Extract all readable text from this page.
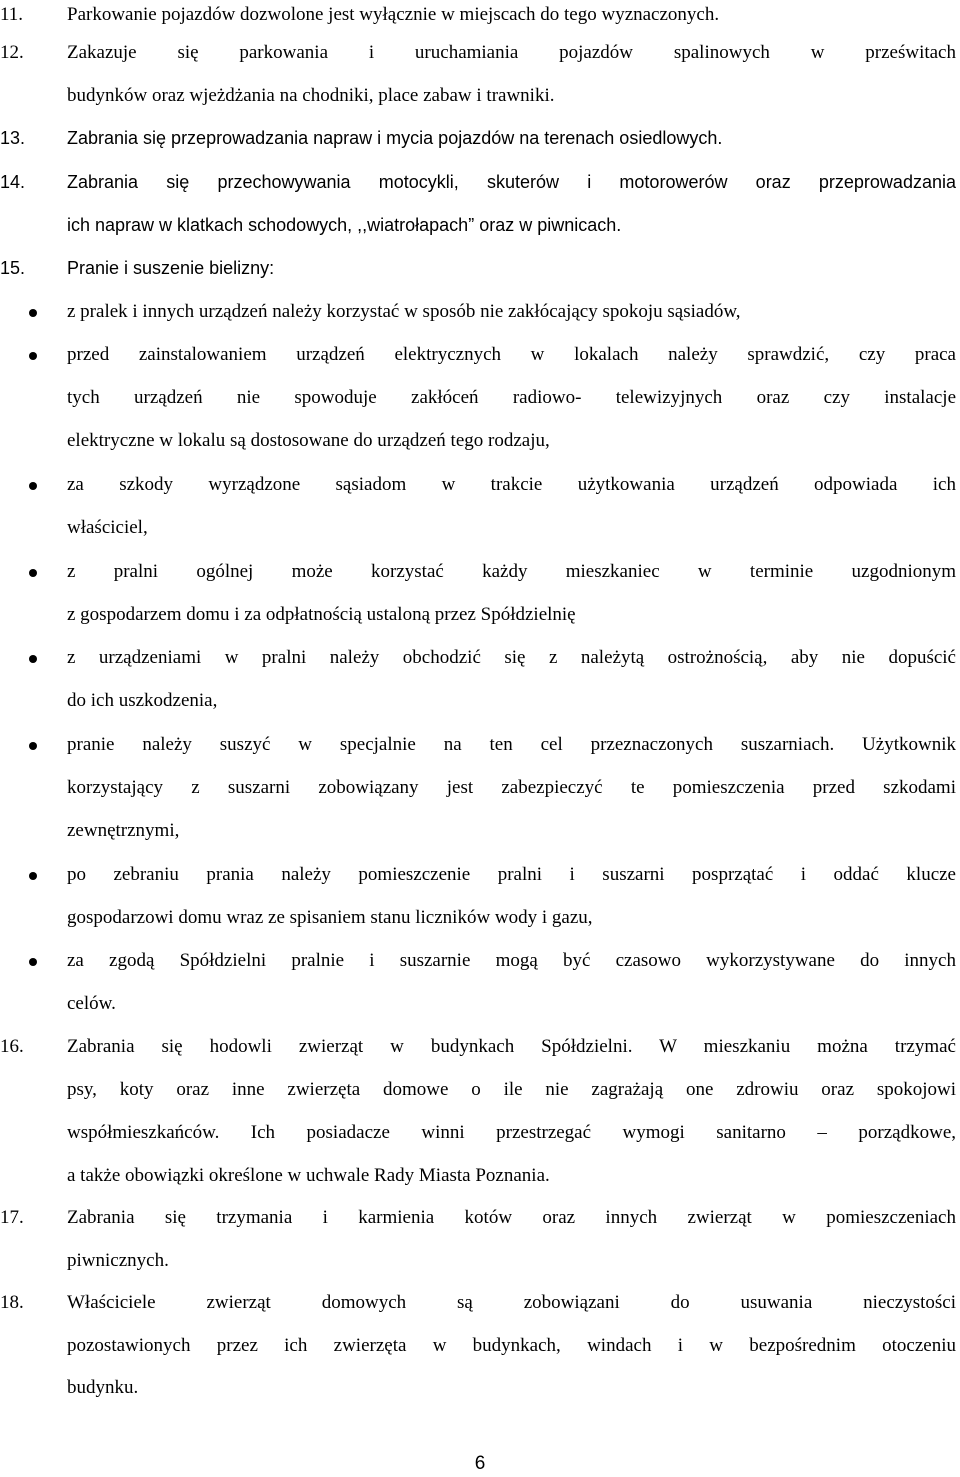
11. Parkowanie pojazdów dozwolone jest wyłącznie w miejscach do tego wyznaczonych.
12. Zakazuje się parkowania i uruchamiania pojazdów spalinowych w prześwitach
budynków oraz wjeżdżania na chodniki, place zabaw i trawniki.
13. Zabrania się przeprowadzania napraw i mycia pojazdów na terenach osiedlowych.
14. Zabrania się przechowywania motocykli, skuterów i motorowerów oraz przeprowadzania
ich napraw w klatkach schodowych, ,,wiatrołapach” oraz w piwnicach.
15. Pranie i suszenie bielizny:
z pralek i innych urządzeń należy korzystać w sposób nie zakłócający spokoju sąsiadów,
przed zainstalowaniem urządzeń elektrycznych w lokalach należy sprawdzić, czy praca
tych urządzeń nie spowoduje zakłóceń radiowo- telewizyjnych oraz czy instalacje
elektryczne w lokalu są dostosowane do urządzeń tego rodzaju,
za szkody wyrządzone sąsiadom w trakcie użytkowania urządzeń odpowiada ich
właściciel,
z pralni ogólnej może korzystać każdy mieszkaniec w terminie uzgodnionym
z gospodarzem domu i za odpłatnością ustaloną przez Spółdzielnię
z urządzeniami w pralni należy obchodzić się z należytą ostrożnością, aby nie dopuścić
do ich uszkodzenia,
pranie należy suszyć w specjalnie na ten cel przeznaczonych suszarniach. Użytkownik
korzystający z suszarni zobowiązany jest zabezpieczyć te pomieszczenia przed szkodami
zewnętrznymi,
po zebraniu prania należy pomieszczenie pralni i suszarni posprzątać i oddać klucze
gospodarzowi domu wraz ze spisaniem stanu liczników wody i gazu,
za zgodą Spółdzielni pralnie i suszarnie mogą być czasowo wykorzystywane do innych
celów.
16. Zabrania się hodowli zwierząt w budynkach Spółdzielni. W mieszkaniu można trzymać
psy, koty oraz inne zwierzęta domowe o ile nie zagrażają one zdrowiu oraz spokojowi
współmieszkańców. Ich posiadacze winni przestrzegać wymogi sanitarno – porządkowe,
a także obowiązki określone w uchwale Rady Miasta Poznania.
17. Zabrania się trzymania i karmienia kotów oraz innych zwierząt w pomieszczeniach
piwnicznych.
18. Właściciele zwierząt domowych są zobowiązani do usuwania nieczystości
pozostawionych przez ich zwierzęta w budynkach, windach i w bezpośrednim otoczeniu
budynku.
6
